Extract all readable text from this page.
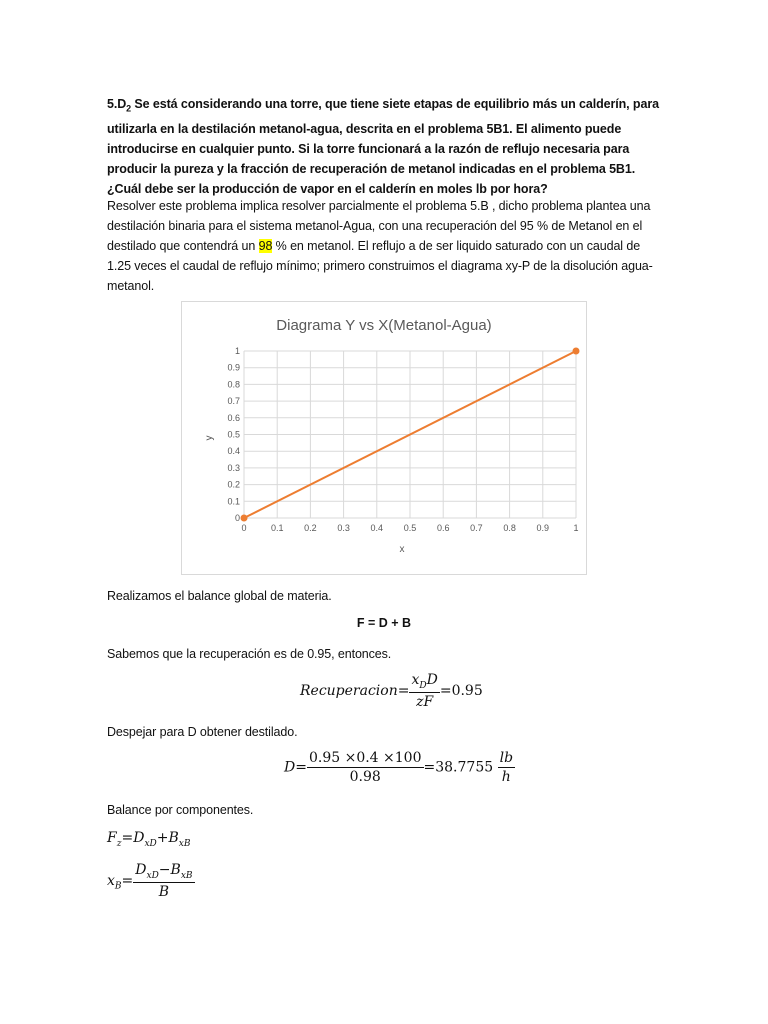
$5.D_2$ Se está considerando una torre, que tiene siete etapas de equilibrio más un calderín, para utilizarla en la destilación metanol-agua, descrita en el problema 5B1. El alimento puede introducirse en cualquier punto. Si la torre funcionará a la razón de reflujo necesaria para producir la pureza y la fracción de recuperación de metanol indicadas en el problema 5B1. ¿Cuál debe ser la producción de vapor en el calderín en moles lb por hora?
Resolver este problema implica resolver parcialmente el problema 5.B , dicho problema plantea una destilación binaria para el sistema metanol-Agua, con una recuperación del 95 % de Metanol en el destilado que contendrá un 98 % en metanol. El reflujo a de ser liquido saturado con un caudal de 1.25 veces el caudal de reflujo mínimo; primero construimos el diagrama xy-P de la disolución agua-metanol.
Diagrama Y vs X(Metanol-Agua)
0	0.1 0.2 0.3 0.4 0.5 0.6 0.7 0.8 0.9	1
0
0.1
0.2
0.3
0.4
0.5
0.6
0.7
0.8
0.9
1
x
y
Realizamos el balance global de materia.
F = D + B
Sabemos que la recuperación es de 0.95, entonces.
Recuperacion= $\frac{x_DD}{zF} =0.95$
Despejar para D obtener destilado.
$D= \frac{0.95 \times 0.4 \times 100}{0.98} =38.7755 \frac{lb}{h}$
Balance por componentes.
$F_z=D_{xD}+B_{xB}$
$x_B= \frac{D_{xD}-B_{xB}}{B}$
